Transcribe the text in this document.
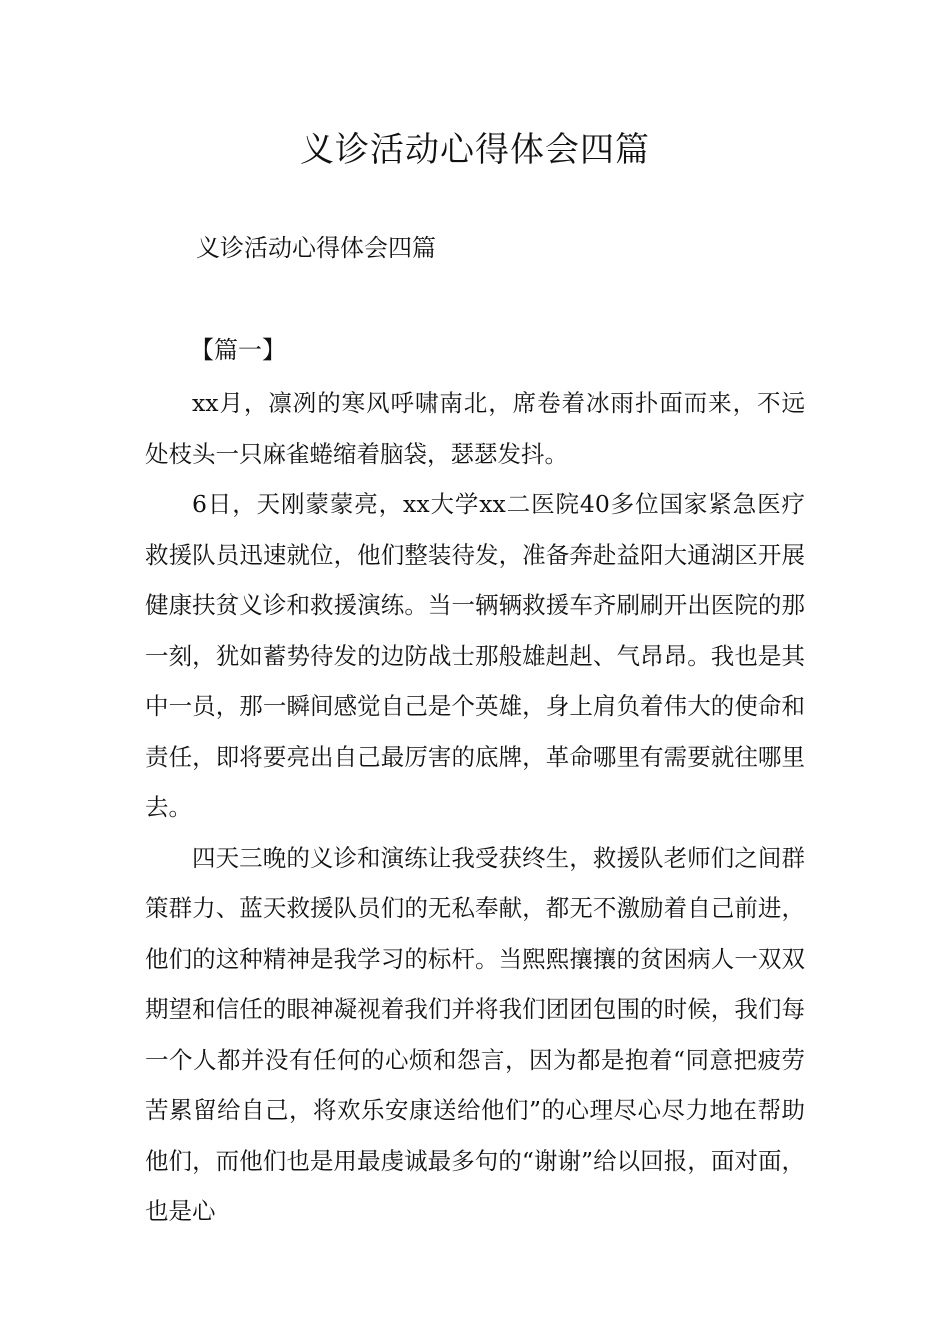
义诊活动心得体会四篇
义诊活动心得体会四篇
【篇一】

xx月，凛冽的寒风呼啸南北，席卷着冰雨扑面而来，不远处枝头一只麻雀蜷缩着脑袋，瑟瑟发抖。

6日，天刚蒙蒙亮，xx大学xx二医院40多位国家紧急医疗救援队员迅速就位，他们整装待发，准备奔赴益阳大通湖区开展健康扶贫义诊和救援演练。当一辆辆救援车齐刷刷开出医院的那一刻，犹如蓄势待发的边防战士那般雄赳赳、气昂昂。我也是其中一员，那一瞬间感觉自己是个英雄，身上肩负着伟大的使命和责任，即将要亮出自己最厉害的底牌，革命哪里有需要就往哪里去。

四天三晚的义诊和演练让我受获终生，救援队老师们之间群策群力、蓝天救援队员们的无私奉献，都无不激励着自己前进，他们的这种精神是我学习的标杆。当熙熙攘攘的贫困病人一双双期望和信任的眼神凝视着我们并将我们团团包围的时候，我们每一个人都并没有任何的心烦和怨言，因为都是抱着“同意把疲劳苦累留给自己，将欢乐安康送给他们”的心理尽心尽力地在帮助他们，而他们也是用最虔诚最多句的“谢谢”给以回报，面对面，也是心
